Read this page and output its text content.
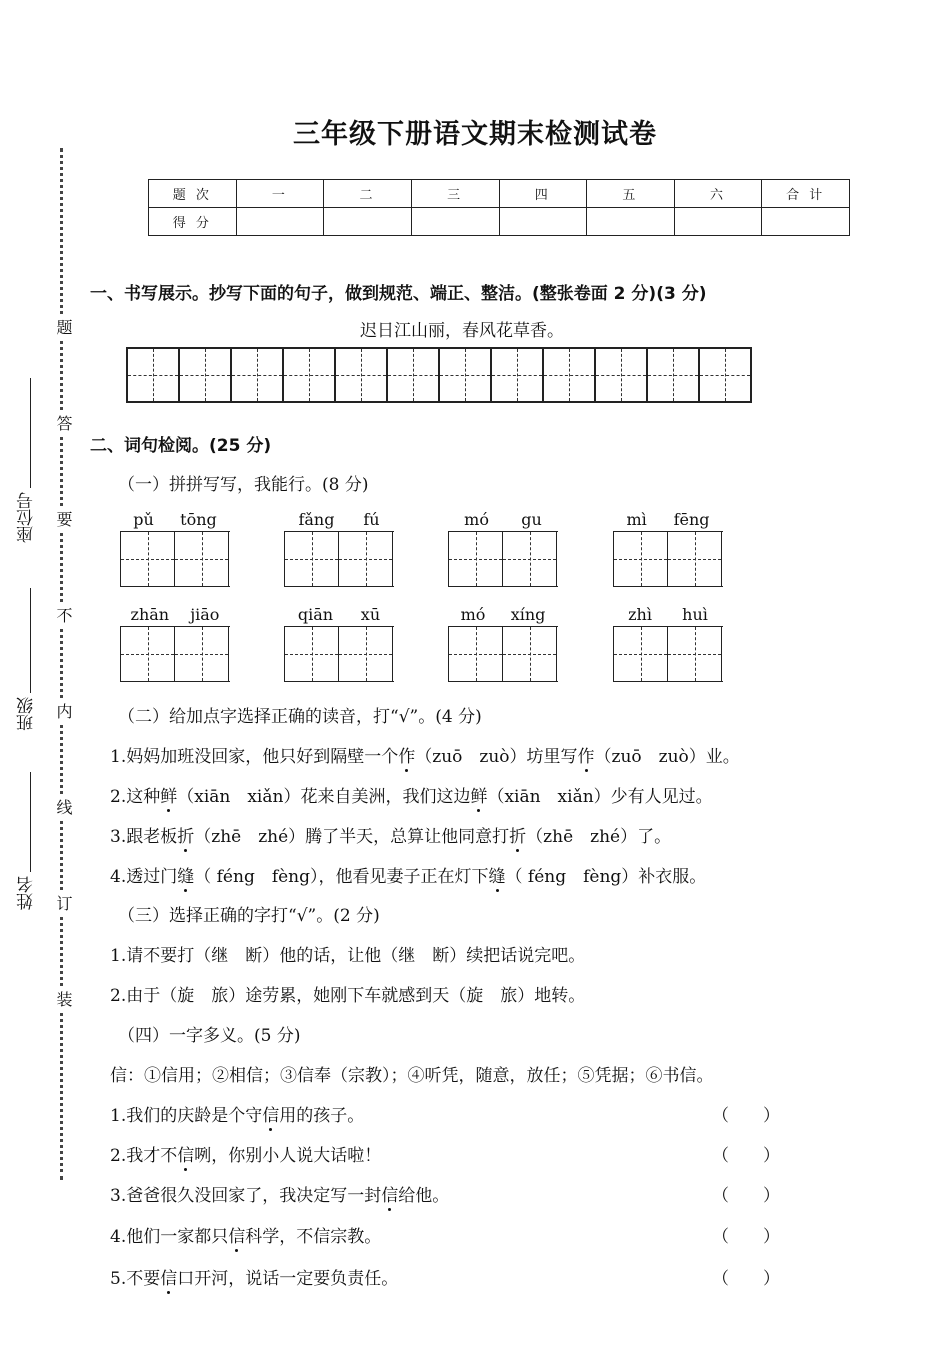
题
答
要
不
内
线
订
装
座位号
班级
姓名
三年级下册语文期末检测试卷
题 次	一	二	三	四	五	六	合 计
得 分							
一、书写展示。抄写下面的句子，做到规范、端正、整洁。(整张卷面 2 分)(3 分)
迟日江山丽，春风花草香。
二、词句检阅。(25 分)
（一）拼拼写写，我能行。(8 分)
pǔ tōng	fǎng fú	mó gu	mì fēng
zhān jiāo	qiān xū	mó xíng	zhì huì
（二）给加点字选择正确的读音，打“√”。(4 分)
1.妈妈加班没回家，他只好到隔壁一个作（zuō　zuò）坊里写作（zuō　zuò）业。
2.这种鲜（xiān　xiǎn）花来自美洲，我们这边鲜（xiān　xiǎn）少有人见过。
3.跟老板折（zhē　zhé）腾了半天，总算让他同意打折（zhē　zhé）了。
4.透过门缝（ féng　fèng），他看见妻子正在灯下缝（ féng　fèng）补衣服。
（三）选择正确的字打“√”。(2 分)
1.请不要打（继　断）他的话，让他（继　断）续把话说完吧。
2.由于（旋　旅）途劳累，她刚下车就感到天（旋　旅）地转。
（四）一字多义。(5 分)
信：①信用；②相信；③信奉（宗教）；④听凭，随意，放任；⑤凭据；⑥书信。
1.我们的庆龄是个守信用的孩子。	（　　）
2.我才不信咧，你别小人说大话啦！	（　　）
3.爸爸很久没回家了，我决定写一封信给他。	（　　）
4.他们一家都只信科学，不信宗教。	（　　）
5.不要信口开河，说话一定要负责任。	（　　）
